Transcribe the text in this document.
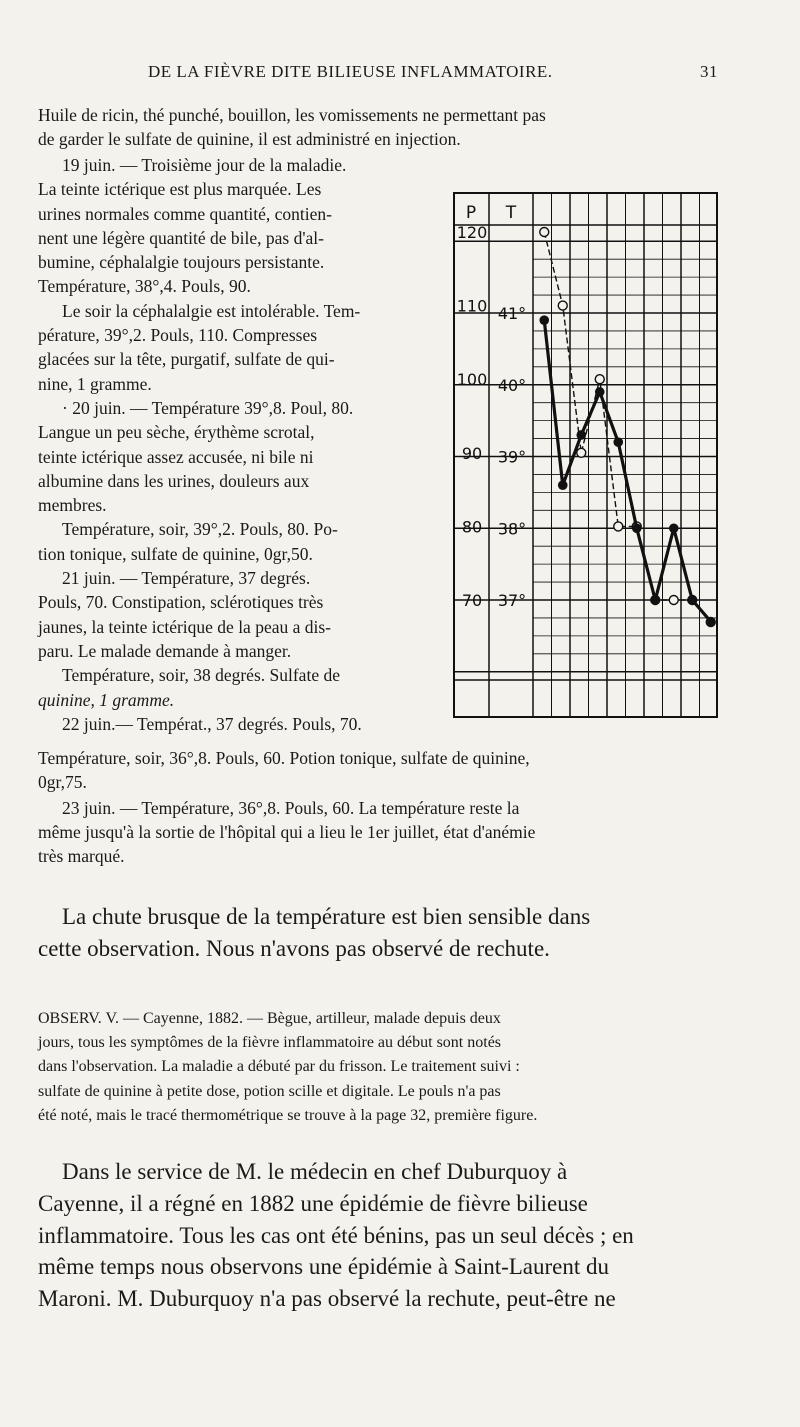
DE LA FIÈVRE DITE BILIEUSE INFLAMMATOIRE.	31

Huile de ricin, thé punché, bouillon, les vomissements ne permettant pas

de garder le sulfate de quinine, il est administré en injection.

19 juin. — Troisième jour de la maladie.

La teinte ictérique est plus marquée. Les

urines normales comme quantité, contien-

nent une légère quantité de bile, pas d'al-

bumine, céphalalgie toujours persistante.

Température, 38°,4. Pouls, 90.

Le soir la céphalalgie est intolérable. Tem-

pérature, 39°,2. Pouls, 110. Compresses

glacées sur la tête, purgatif, sulfate de qui-

nine, 1 gramme.

· 20 juin. — Température 39°,8. Poul, 80.

Langue un peu sèche, érythème scrotal,

teinte ictérique assez accusée, ni bile ni

albumine dans les urines, douleurs aux

membres.

Température, soir, 39°,2. Pouls, 80. Po-

tion tonique, sulfate de quinine, 0gr,50.

21 juin. — Température, 37 degrés.

Pouls, 70. Constipation, sclérotiques très

jaunes, la teinte ictérique de la peau a dis-

paru. Le malade demande à manger.

Température, soir, 38 degrés. Sulfate de

quinine, 1 gramme.

22 juin.— Températ., 37 degrés. Pouls, 70.

P T
120
110
100
90
80
70
41°
40°
39°
38°
37°

Température, soir, 36°,8. Pouls, 60. Potion tonique, sulfate de quinine,

0gr,75.

23 juin. — Température, 36°,8. Pouls, 60. La température reste la

même jusqu'à la sortie de l'hôpital qui a lieu le 1er juillet, état d'anémie

très marqué.

La chute brusque de la température est bien sensible dans

cette observation. Nous n'avons pas observé de rechute.

OBSERV. V. — Cayenne, 1882. — Bègue, artilleur, malade depuis deux

jours, tous les symptômes de la fièvre inflammatoire au début sont notés

dans l'observation. La maladie a débuté par du frisson. Le traitement suivi :

sulfate de quinine à petite dose, potion scille et digitale. Le pouls n'a pas

été noté, mais le tracé thermométrique se trouve à la page 32, première figure.

Dans le service de M. le médecin en chef Duburquoy à

Cayenne, il a régné en 1882 une épidémie de fièvre bilieuse

inflammatoire. Tous les cas ont été bénins, pas un seul décès ; en

même temps nous observons une épidémie à Saint-Laurent du

Maroni. M. Duburquoy n'a pas observé la rechute, peut-être ne
